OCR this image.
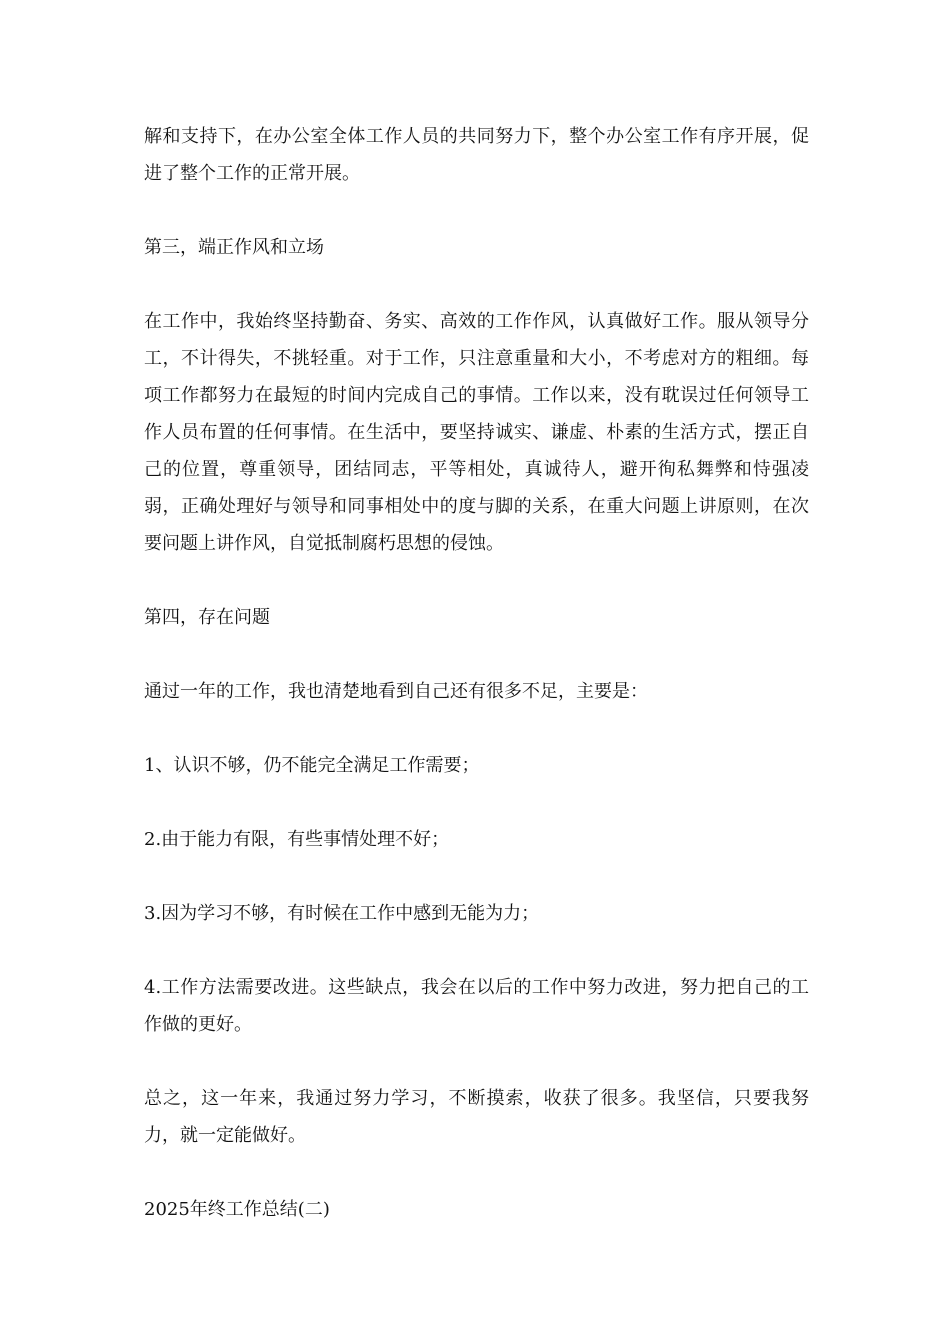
解和支持下，在办公室全体工作人员的共同努力下，整个办公室工作有序开展，促进了整个工作的正常开展。

第三，端正作风和立场

在工作中，我始终坚持勤奋、务实、高效的工作作风，认真做好工作。服从领导分工，不计得失，不挑轻重。对于工作，只注意重量和大小，不考虑对方的粗细。每项工作都努力在最短的时间内完成自己的事情。工作以来，没有耽误过任何领导工作人员布置的任何事情。在生活中，要坚持诚实、谦虚、朴素的生活方式，摆正自己的位置，尊重领导，团结同志，平等相处，真诚待人，避开徇私舞弊和恃强凌弱，正确处理好与领导和同事相处中的度与脚的关系，在重大问题上讲原则，在次要问题上讲作风，自觉抵制腐朽思想的侵蚀。

第四，存在问题

通过一年的工作，我也清楚地看到自己还有很多不足，主要是：

1、认识不够，仍不能完全满足工作需要；

2.由于能力有限，有些事情处理不好；

3.因为学习不够，有时候在工作中感到无能为力；

4.工作方法需要改进。这些缺点，我会在以后的工作中努力改进，努力把自己的工作做的更好。

总之，这一年来，我通过努力学习，不断摸索，收获了很多。我坚信，只要我努力，就一定能做好。

2025年终工作总结(二)
